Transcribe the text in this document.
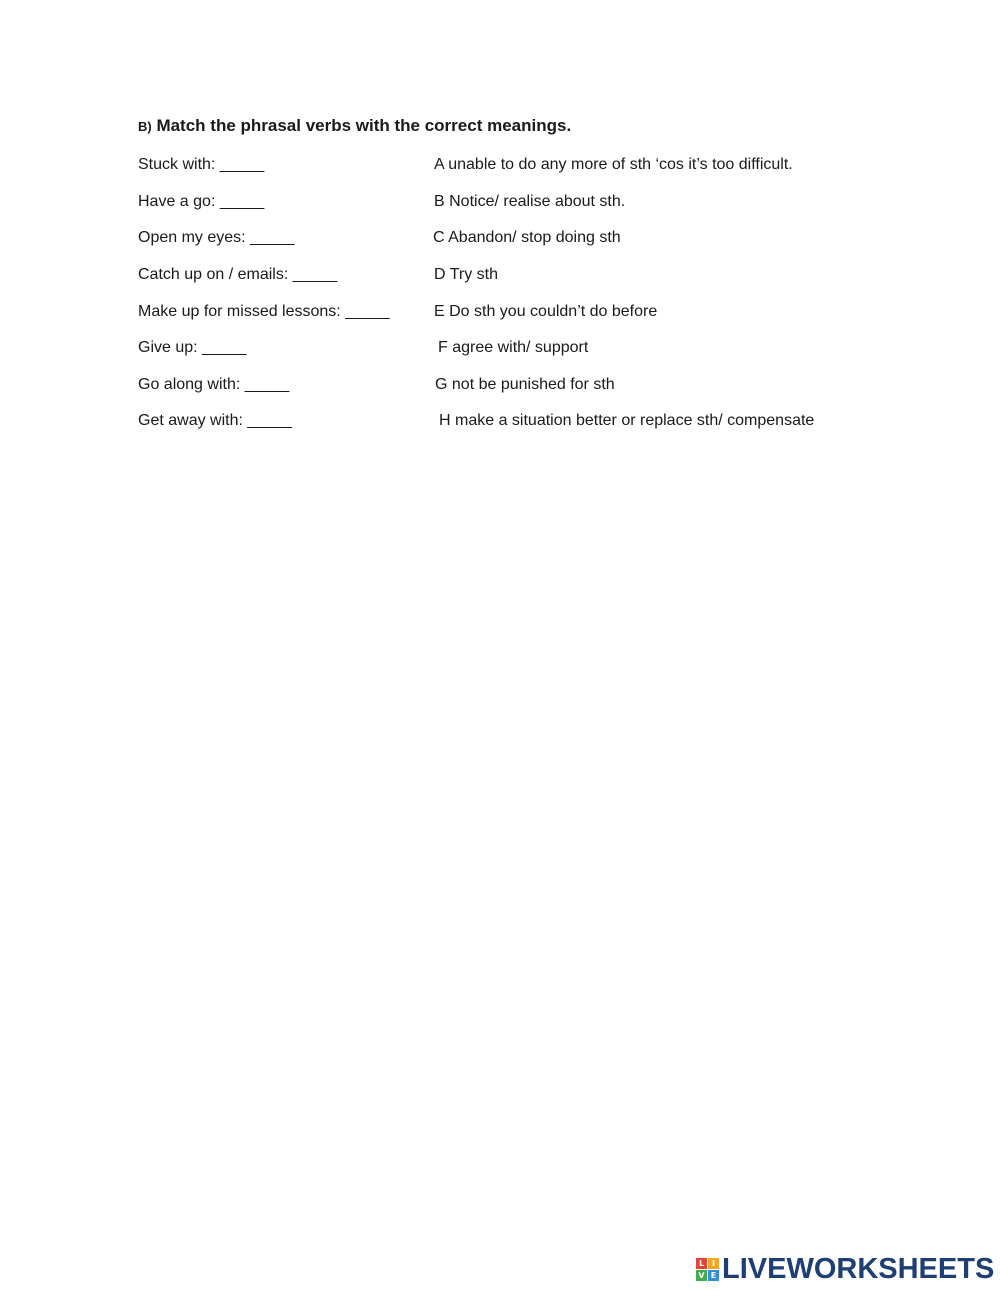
B) Match the phrasal verbs with the correct meanings.
Stuck with: _____
Have a go: _____
Open my eyes: _____
Catch up on / emails: _____
Make up for missed lessons: _____
Give up: _____
Go along with: _____
Get away with: _____
A unable to do any more of sth ‘cos it’s too difficult.
B Notice/ realise about sth.
C Abandon/ stop doing sth
D Try sth
E Do sth you couldn’t do before
F agree with/ support
G not be punished for sth
H make a situation better or replace sth/ compensate
L I
V E LIVEWORKSHEETS
